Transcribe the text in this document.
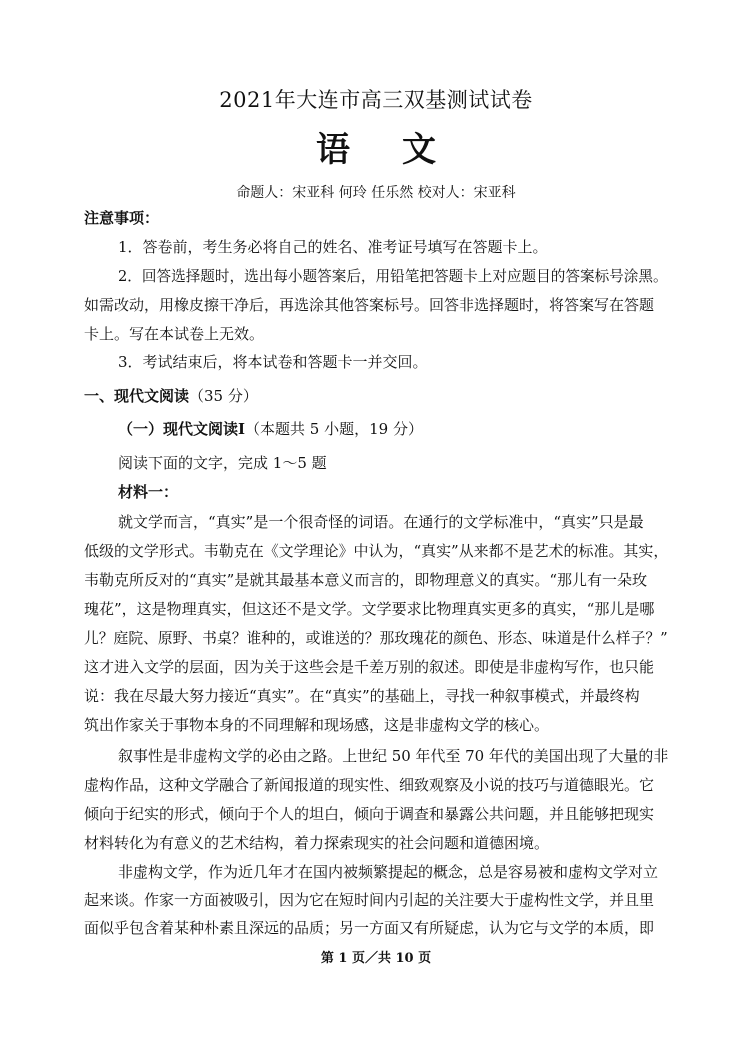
2021年大连市高三双基测试试卷
语文
命题人：宋亚科 何玲 任乐然 校对人：宋亚科
注意事项：
1．答卷前，考生务必将自己的姓名、准考证号填写在答题卡上。
2．回答选择题时，选出每小题答案后，用铅笔把答题卡上对应题目的答案标号涂黑。
如需改动，用橡皮擦干净后，再选涂其他答案标号。回答非选择题时，将答案写在答题
卡上。写在本试卷上无效。
3．考试结束后，将本试卷和答题卡一并交回。
一、现代文阅读（35 分）
（一）现代文阅读Ⅰ（本题共 5 小题，19 分）
阅读下面的文字，完成 1～5 题
材料一：
就文学而言，“真实”是一个很奇怪的词语。在通行的文学标准中，“真实”只是最
低级的文学形式。韦勒克在《文学理论》中认为，“真实”从来都不是艺术的标准。其实，
韦勒克所反对的“真实”是就其最基本意义而言的，即物理意义的真实。“那儿有一朵玫
瑰花”，这是物理真实，但这还不是文学。文学要求比物理真实更多的真实，“那儿是哪
儿？庭院、原野、书桌？谁种的，或谁送的？那玫瑰花的颜色、形态、味道是什么样子？”
这才进入文学的层面，因为关于这些会是千差万别的叙述。即使是非虚构写作，也只能
说：我在尽最大努力接近“真实”。在“真实”的基础上，寻找一种叙事模式，并最终构
筑出作家关于事物本身的不同理解和现场感，这是非虚构文学的核心。
叙事性是非虚构文学的必由之路。上世纪 50 年代至 70 年代的美国出现了大量的非
虚构作品，这种文学融合了新闻报道的现实性、细致观察及小说的技巧与道德眼光。它
倾向于纪实的形式，倾向于个人的坦白，倾向于调查和暴露公共问题，并且能够把现实
材料转化为有意义的艺术结构，着力探索现实的社会问题和道德困境。
非虚构文学，作为近几年才在国内被频繁提起的概念，总是容易被和虚构文学对立
起来谈。作家一方面被吸引，因为它在短时间内引起的关注要大于虚构性文学，并且里
面似乎包含着某种朴素且深远的品质；另一方面又有所疑虑，认为它与文学的本质，即
第 1 页／共 10 页
